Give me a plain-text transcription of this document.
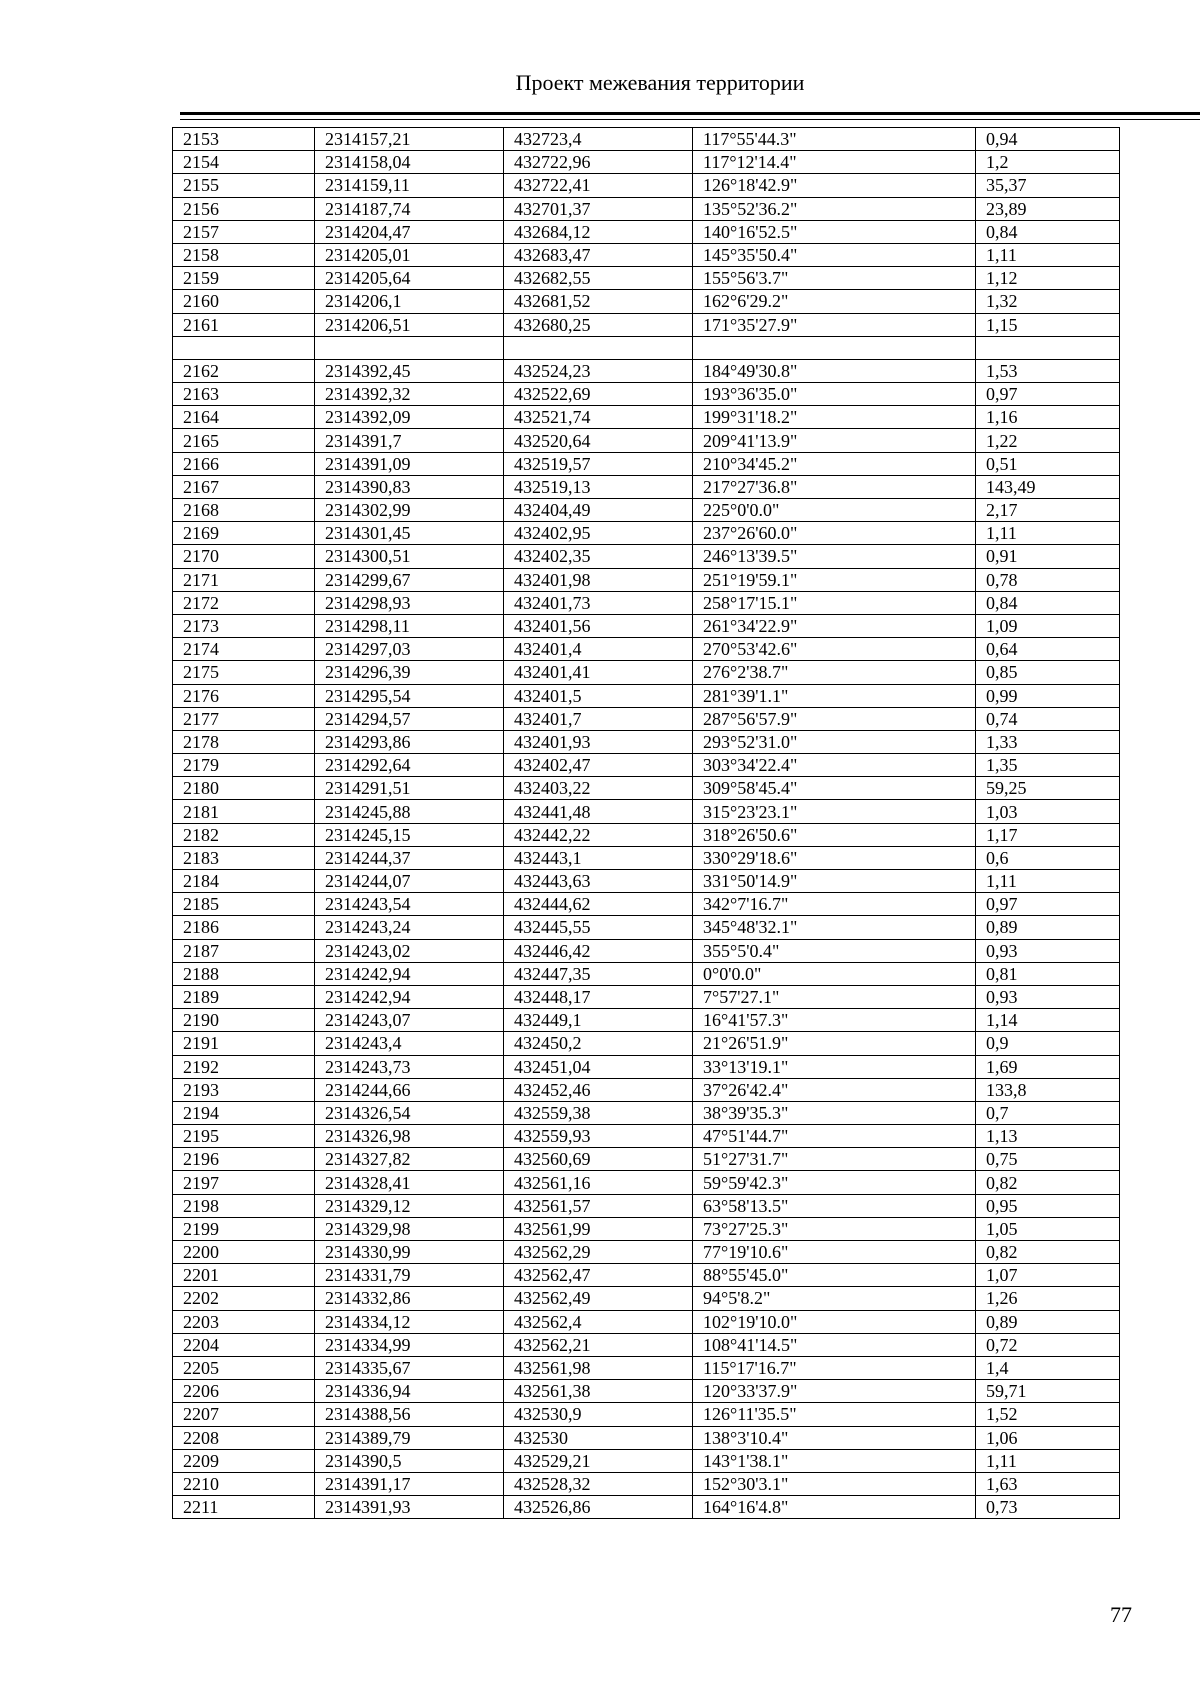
Проект межевания территории
2153	2314157,21	432723,4	117°55'44.3"	0,94
2154	2314158,04	432722,96	117°12'14.4"	1,2
2155	2314159,11	432722,41	126°18'42.9"	35,37
2156	2314187,74	432701,37	135°52'36.2"	23,89
2157	2314204,47	432684,12	140°16'52.5"	0,84
2158	2314205,01	432683,47	145°35'50.4"	1,11
2159	2314205,64	432682,55	155°56'3.7"	1,12
2160	2314206,1	432681,52	162°6'29.2"	1,32
2161	2314206,51	432680,25	171°35'27.9"	1,15

2162	2314392,45	432524,23	184°49'30.8"	1,53
2163	2314392,32	432522,69	193°36'35.0"	0,97
2164	2314392,09	432521,74	199°31'18.2"	1,16
2165	2314391,7	432520,64	209°41'13.9"	1,22
2166	2314391,09	432519,57	210°34'45.2"	0,51
2167	2314390,83	432519,13	217°27'36.8"	143,49
2168	2314302,99	432404,49	225°0'0.0"	2,17
2169	2314301,45	432402,95	237°26'60.0"	1,11
2170	2314300,51	432402,35	246°13'39.5"	0,91
2171	2314299,67	432401,98	251°19'59.1"	0,78
2172	2314298,93	432401,73	258°17'15.1"	0,84
2173	2314298,11	432401,56	261°34'22.9"	1,09
2174	2314297,03	432401,4	270°53'42.6"	0,64
2175	2314296,39	432401,41	276°2'38.7"	0,85
2176	2314295,54	432401,5	281°39'1.1"	0,99
2177	2314294,57	432401,7	287°56'57.9"	0,74
2178	2314293,86	432401,93	293°52'31.0"	1,33
2179	2314292,64	432402,47	303°34'22.4"	1,35
2180	2314291,51	432403,22	309°58'45.4"	59,25
2181	2314245,88	432441,48	315°23'23.1"	1,03
2182	2314245,15	432442,22	318°26'50.6"	1,17
2183	2314244,37	432443,1	330°29'18.6"	0,6
2184	2314244,07	432443,63	331°50'14.9"	1,11
2185	2314243,54	432444,62	342°7'16.7"	0,97
2186	2314243,24	432445,55	345°48'32.1"	0,89
2187	2314243,02	432446,42	355°5'0.4"	0,93
2188	2314242,94	432447,35	0°0'0.0"	0,81
2189	2314242,94	432448,17	7°57'27.1"	0,93
2190	2314243,07	432449,1	16°41'57.3"	1,14
2191	2314243,4	432450,2	21°26'51.9"	0,9
2192	2314243,73	432451,04	33°13'19.1"	1,69
2193	2314244,66	432452,46	37°26'42.4"	133,8
2194	2314326,54	432559,38	38°39'35.3"	0,7
2195	2314326,98	432559,93	47°51'44.7"	1,13
2196	2314327,82	432560,69	51°27'31.7"	0,75
2197	2314328,41	432561,16	59°59'42.3"	0,82
2198	2314329,12	432561,57	63°58'13.5"	0,95
2199	2314329,98	432561,99	73°27'25.3"	1,05
2200	2314330,99	432562,29	77°19'10.6"	0,82
2201	2314331,79	432562,47	88°55'45.0"	1,07
2202	2314332,86	432562,49	94°5'8.2"	1,26
2203	2314334,12	432562,4	102°19'10.0"	0,89
2204	2314334,99	432562,21	108°41'14.5"	0,72
2205	2314335,67	432561,98	115°17'16.7"	1,4
2206	2314336,94	432561,38	120°33'37.9"	59,71
2207	2314388,56	432530,9	126°11'35.5"	1,52
2208	2314389,79	432530	138°3'10.4"	1,06
2209	2314390,5	432529,21	143°1'38.1"	1,11
2210	2314391,17	432528,32	152°30'3.1"	1,63
2211	2314391,93	432526,86	164°16'4.8"	0,73
77
